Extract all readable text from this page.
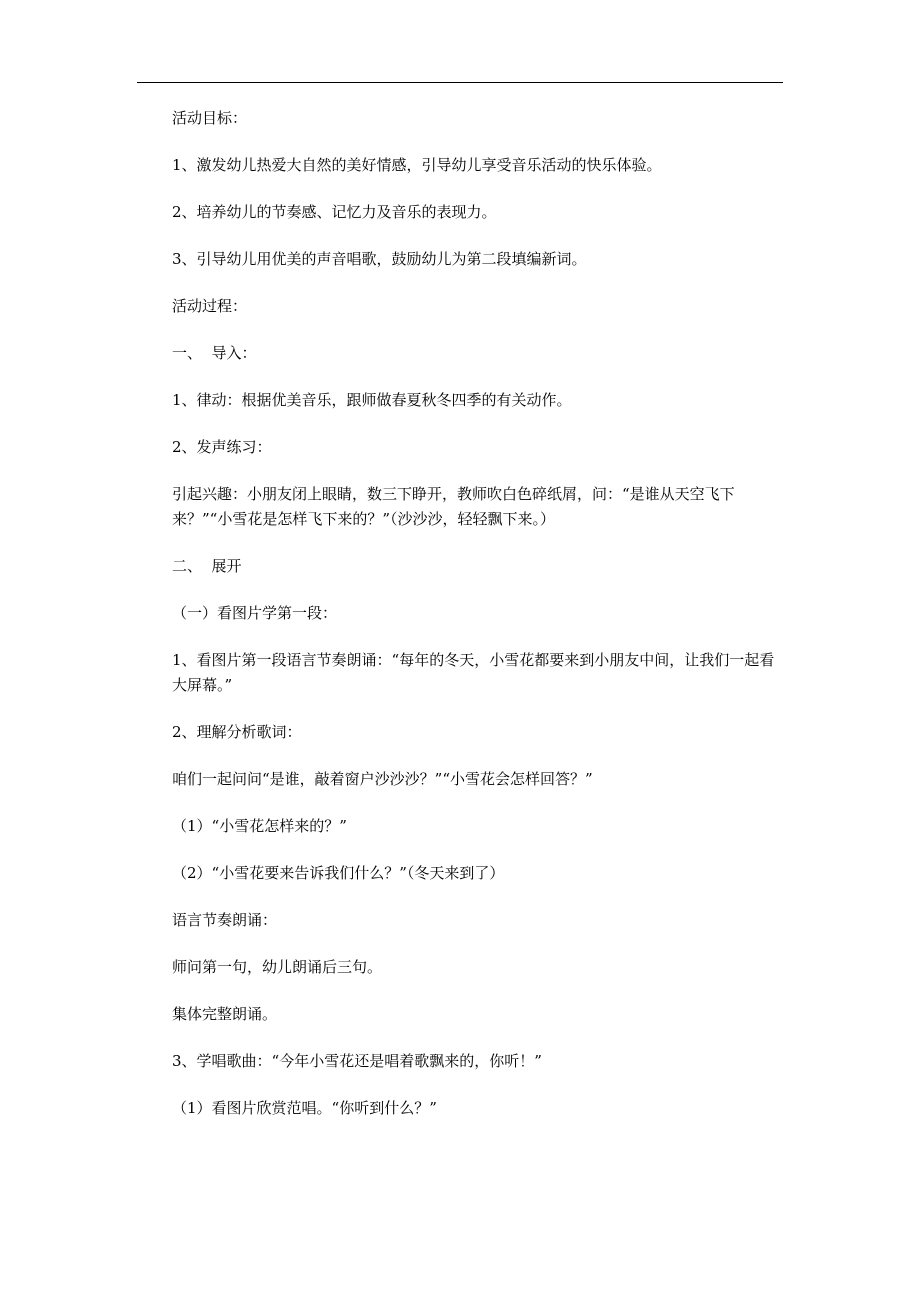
活动目标：

1、激发幼儿热爱大自然的美好情感，引导幼儿享受音乐活动的快乐体验。

2、培养幼儿的节奏感、记忆力及音乐的表现力。

3、引导幼儿用优美的声音唱歌，鼓励幼儿为第二段填编新词。

活动过程：

一、  导入：

1、律动：根据优美音乐，跟师做春夏秋冬四季的有关动作。

2、发声练习：

引起兴趣：小朋友闭上眼睛，数三下睁开，教师吹白色碎纸屑，问：“是谁从天空飞下来？”“小雪花是怎样飞下来的？”（沙沙沙，轻轻飘下来。）

二、  展开

（一）看图片学第一段：

1、看图片第一段语言节奏朗诵：“每年的冬天，小雪花都要来到小朋友中间，让我们一起看大屏幕。”

2、理解分析歌词：

咱们一起问问“是谁，敲着窗户沙沙沙？”“小雪花会怎样回答？”

（1）“小雪花怎样来的？”

（2）“小雪花要来告诉我们什么？”（冬天来到了）

语言节奏朗诵：

师问第一句，幼儿朗诵后三句。

集体完整朗诵。

3、学唱歌曲：“今年小雪花还是唱着歌飘来的，你听！”

（1）看图片欣赏范唱。“你听到什么？”
